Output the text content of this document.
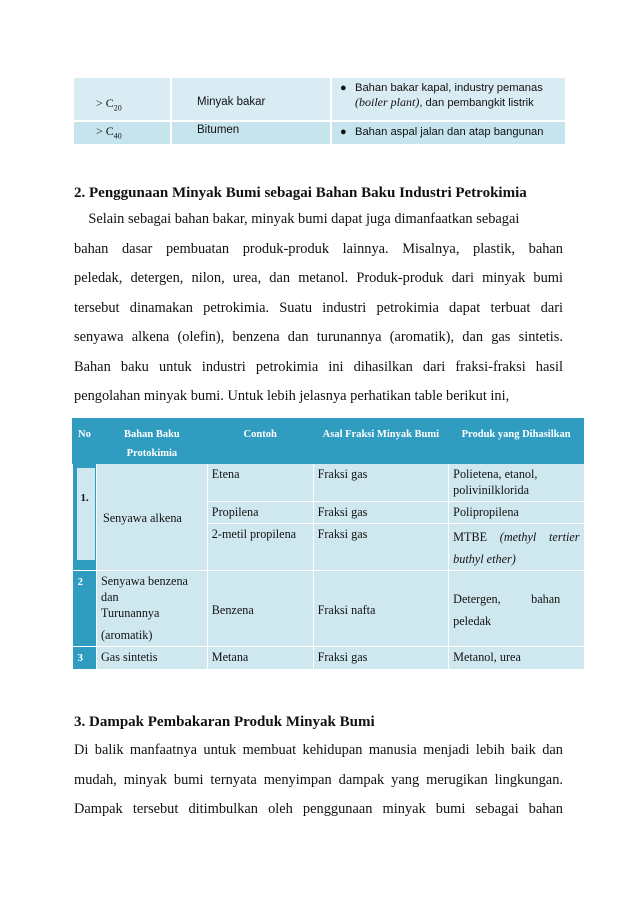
> $C_{20}$	Minyak bakar	● Bahan bakar kapal, industry pemanas
(boiler plant), dan pembangkit listrik

> $C_{40}$	Bitumen	● Bahan aspal jalan dan atap bangunan
2. Penggunaan Minyak Bumi sebagai Bahan Baku Industri Petrokimia
Selain sebagai bahan bakar, minyak bumi dapat juga dimanfaatkan sebagai
bahan dasar pembuatan produk-produk lainnya. Misalnya, plastik, bahan
peledak, detergen, nilon, urea, dan metanol. Produk-produk dari minyak bumi
tersebut dinamakan petrokimia. Suatu industri petrokimia dapat terbuat dari
senyawa alkena (olefin), benzena dan turunannya (aromatik), dan gas sintetis.
Bahan baku untuk industri petrokimia ini dihasilkan dari fraksi-fraksi hasil
pengolahan minyak bumi. Untuk lebih jelasnya perhatikan table berikut ini,
No	Bahan Baku Protokimia	Contoh	Asal Fraksi Minyak Bumi	Produk yang Dihasilkan

1.	Senyawa alkena	Etena	Fraksi gas	Polietena, etanol, polivinilklorida
		Propilena	Fraksi gas	Polipropilena
		2-metil propilena	Fraksi gas	MTBE (methyl tertier buthyl ether)
2	Senyawa benzena
dan
Turunannya
(aromatik)	Benzena	Fraksi nafta	Detergen,          bahan peledak
3	Gas sintetis	Metana	Fraksi gas	Metanol, urea
3. Dampak Pembakaran Produk Minyak Bumi
Di balik manfaatnya untuk membuat kehidupan manusia menjadi lebih baik dan
mudah, minyak bumi ternyata menyimpan dampak yang merugikan lingkungan.
Dampak tersebut ditimbulkan oleh penggunaan minyak bumi sebagai bahan
